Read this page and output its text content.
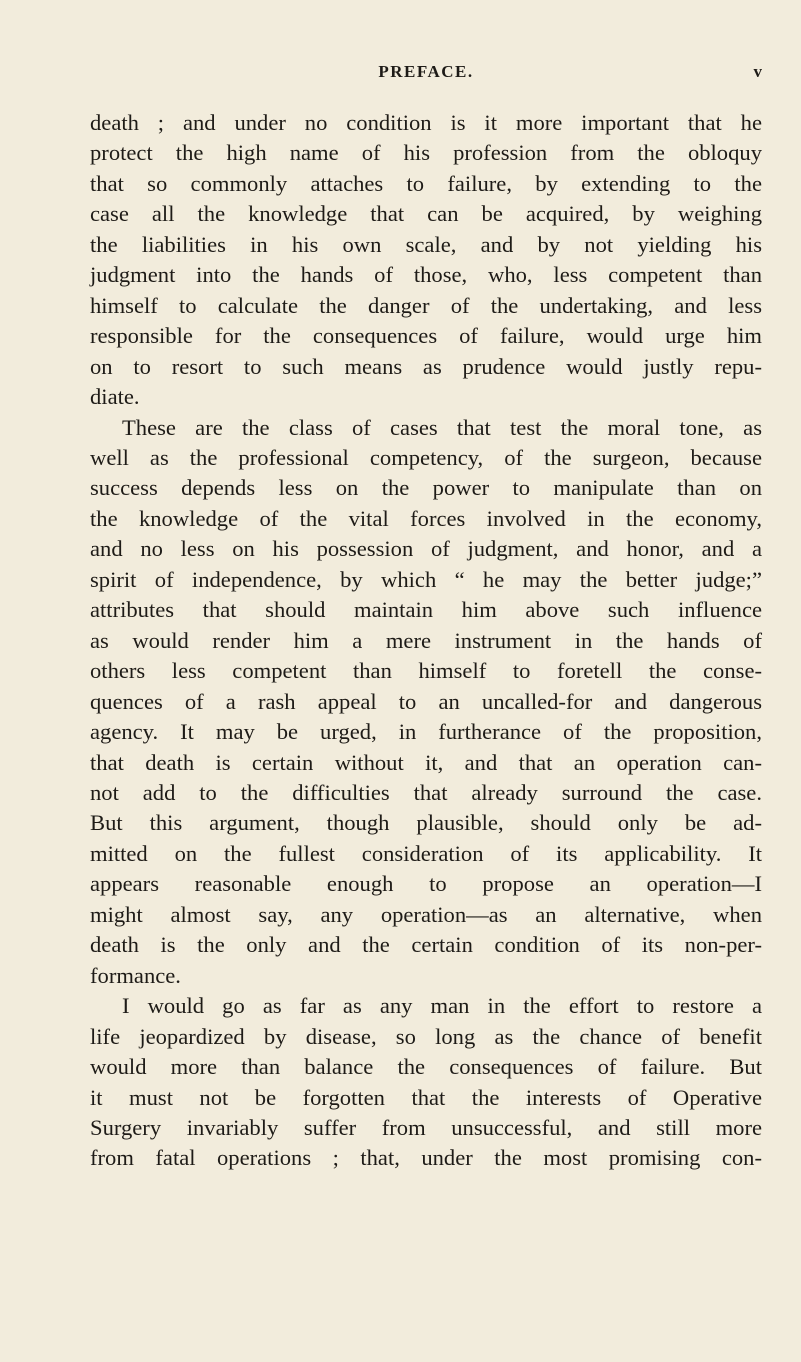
PREFACE.	v
death ; and under no condition is it more important that he
protect the high name of his profession from the obloquy
that so commonly attaches to failure, by extending to the
case all the knowledge that can be acquired, by weighing
the liabilities in his own scale, and by not yielding his
judgment into the hands of those, who, less competent than
himself to calculate the danger of the undertaking, and less
responsible for the consequences of failure, would urge him
on to resort to such means as prudence would justly repu-
diate.
These are the class of cases that test the moral tone, as
well as the professional competency, of the surgeon, because
success depends less on the power to manipulate than on
the knowledge of the vital forces involved in the economy,
and no less on his possession of judgment, and honor, and a
spirit of independence, by which “ he may the better judge;”
attributes that should maintain him above such influence
as would render him a mere instrument in the hands of
others less competent than himself to foretell the conse-
quences of a rash appeal to an uncalled-for and dangerous
agency. It may be urged, in furtherance of the proposition,
that death is certain without it, and that an operation can-
not add to the difficulties that already surround the case.
But this argument, though plausible, should only be ad-
mitted on the fullest consideration of its applicability. It
appears reasonable enough to propose an operation—I
might almost say, any operation—as an alternative, when
death is the only and the certain condition of its non-per-
formance.
I would go as far as any man in the effort to restore a
life jeopardized by disease, so long as the chance of benefit
would more than balance the consequences of failure. But
it must not be forgotten that the interests of Operative
Surgery invariably suffer from unsuccessful, and still more
from fatal operations ; that, under the most promising con-
